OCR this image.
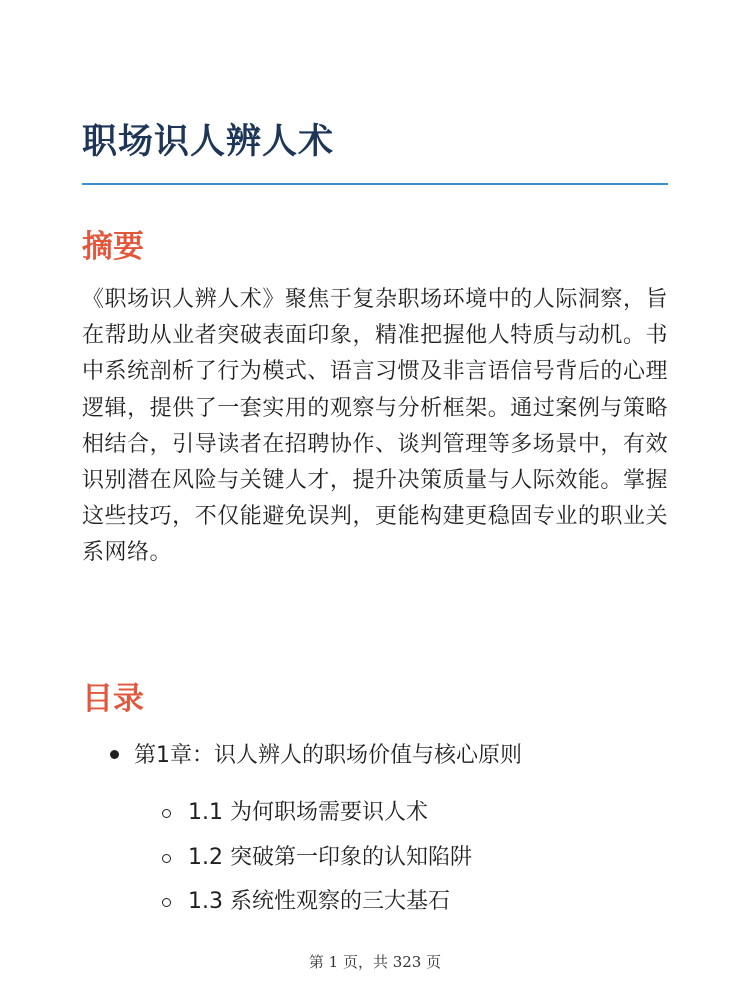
职场识人辨人术
摘要

《职场识人辨人术》聚焦于复杂职场环境中的人际洞察，旨在帮助从业者突破表面印象，精准把握他人特质与动机。书中系统剖析了行为模式、语言习惯及非言语信号背后的心理逻辑，提供了一套实用的观察与分析框架。通过案例与策略相结合，引导读者在招聘协作、谈判管理等多场景中，有效识别潜在风险与关键人才，提升决策质量与人际效能。掌握这些技巧，不仅能避免误判，更能构建更稳固专业的职业关系网络。

目录
第1章：识人辨人的职场价值与核心原则
1.1 为何职场需要识人术
1.2 突破第一印象的认知陷阱
1.3 系统性观察的三大基石
第 1 页，共 323 页
